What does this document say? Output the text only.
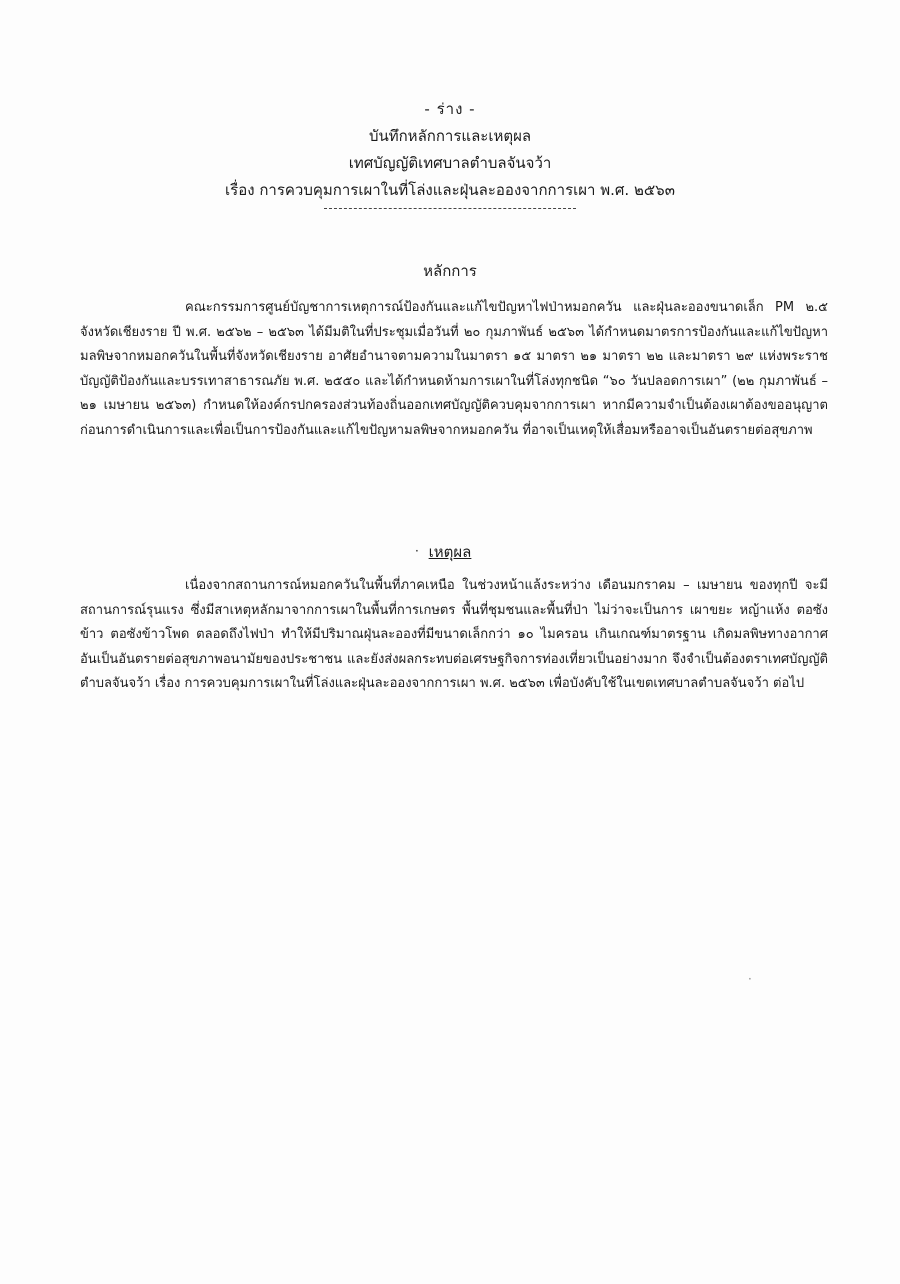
- ร่าง -
บันทึกหลักการและเหตุผล
เทศบัญญัติเทศบาลตำบลจันจว้า
เรื่อง การควบคุมการเผาในที่โล่งและฝุ่นละอองจากการเผา พ.ศ. ๒๕๖๓
หลักการ
คณะกรรมการศูนย์บัญชาการเหตุการณ์ป้องกันและแก้ไขปัญหาไฟป่าหมอกควัน และฝุ่นละอองขนาดเล็ก PM ๒.๕ จังหวัดเชียงราย ปี พ.ศ. ๒๕๖๒ – ๒๕๖๓ ได้มีมติในที่ประชุมเมื่อวันที่ ๒๐ กุมภาพันธ์ ๒๕๖๓ ได้กำหนดมาตรการป้องกันและแก้ไขปัญหามลพิษจากหมอกควันในพื้นที่จังหวัดเชียงราย อาศัยอำนาจตามความในมาตรา ๑๕ มาตรา ๒๑ มาตรา ๒๒ และมาตรา ๒๙ แห่งพระราชบัญญัติป้องกันและบรรเทาสาธารณภัย พ.ศ. ๒๕๕๐ และได้กำหนดห้ามการเผาในที่โล่งทุกชนิด “๖๐ วันปลอดการเผา” (๒๒ กุมภาพันธ์ – ๒๑ เมษายน ๒๕๖๓) กำหนดให้องค์กรปกครองส่วนท้องถิ่นออกเทศบัญญัติควบคุมจากการเผา หากมีความจำเป็นต้องเผาต้องขออนุญาตก่อนการดำเนินการและเพื่อเป็นการป้องกันและแก้ไขปัญหามลพิษจากหมอกควัน ที่อาจเป็นเหตุให้เสื่อมหรืออาจเป็นอันตรายต่อสุขภาพ
· เหตุผล
เนื่องจากสถานการณ์หมอกควันในพื้นที่ภาคเหนือ ในช่วงหน้าแล้งระหว่าง เดือนมกราคม – เมษายน ของทุกปี จะมีสถานการณ์รุนแรง ซึ่งมีสาเหตุหลักมาจากการเผาในพื้นที่การเกษตร พื้นที่ชุมชนและพื้นที่ป่า ไม่ว่าจะเป็นการ เผาขยะ หญ้าแห้ง ตอซังข้าว ตอซังข้าวโพด ตลอดถึงไฟป่า ทำให้มีปริมาณฝุ่นละอองที่มีขนาดเล็กกว่า ๑๐ ไมครอน เกินเกณฑ์มาตรฐาน เกิดมลพิษทางอากาศ อันเป็นอันตรายต่อสุขภาพอนามัยของประชาชน และยังส่งผลกระทบต่อเศรษฐกิจการท่องเที่ยวเป็นอย่างมาก จึงจำเป็นต้องตราเทศบัญญัติตำบลจันจว้า เรื่อง การควบคุมการเผาในที่โล่งและฝุ่นละอองจากการเผา พ.ศ. ๒๕๖๓ เพื่อบังคับใช้ในเขตเทศบาลตำบลจันจว้า ต่อไป
·
